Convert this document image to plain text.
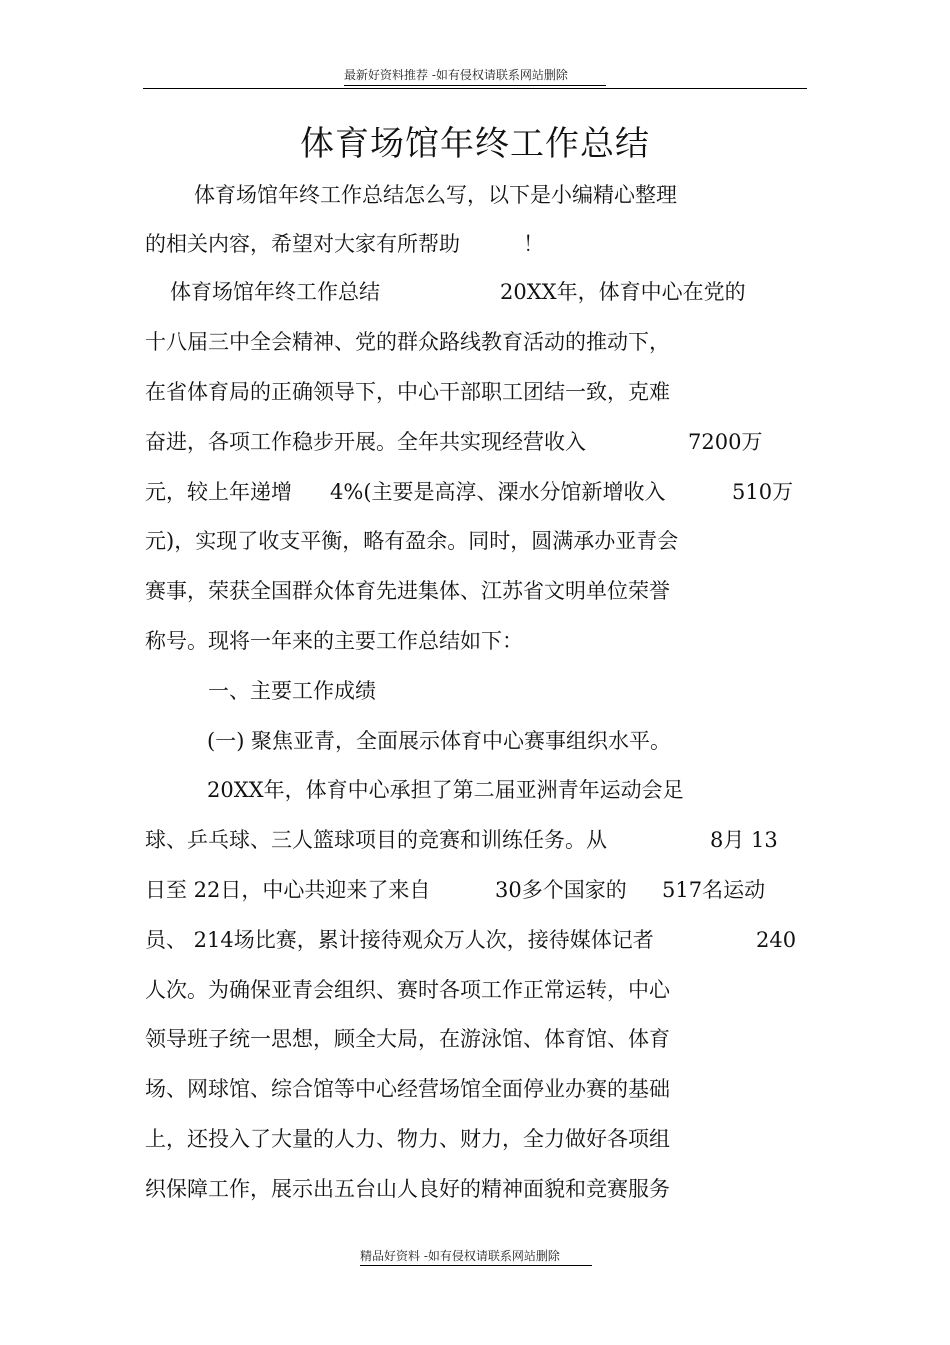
最新好资料推荐 -如有侵权请联系网站删除
体育场馆年终工作总结
体育场馆年终工作总结怎么写，以下是小编精心整理
的相关内容，希望对大家有所帮助	！
体育场馆年终工作总结	20XX年，体育中心在党的
十八届三中全会精神、党的群众路线教育活动的推动下，
在省体育局的正确领导下，中心干部职工团结一致，克难
奋进，各项工作稳步开展。全年共实现经营收入	7200万
元，较上年递增 4%(主要是高淳、溧水分馆新增收入	510万
元)，实现了收支平衡，略有盈余。同时，圆满承办亚青会
赛事，荣获全国群众体育先进集体、江苏省文明单位荣誉
称号。现将一年来的主要工作总结如下：
一、主要工作成绩
(一) 聚焦亚青，全面展示体育中心赛事组织水平。
20XX年，体育中心承担了第二届亚洲青年运动会足
球、乒乓球、三人篮球项目的竞赛和训练任务。从	8月 13
日至 22日，中心共迎来了来自	30多个国家的 517名运动
员、 214场比赛，累计接待观众万人次，接待媒体记者	240
人次。为确保亚青会组织、赛时各项工作正常运转，中心
领导班子统一思想，顾全大局，在游泳馆、体育馆、体育
场、网球馆、综合馆等中心经营场馆全面停业办赛的基础
上，还投入了大量的人力、物力、财力，全力做好各项组
织保障工作，展示出五台山人良好的精神面貌和竞赛服务
精品好资料 -如有侵权请联系网站删除
